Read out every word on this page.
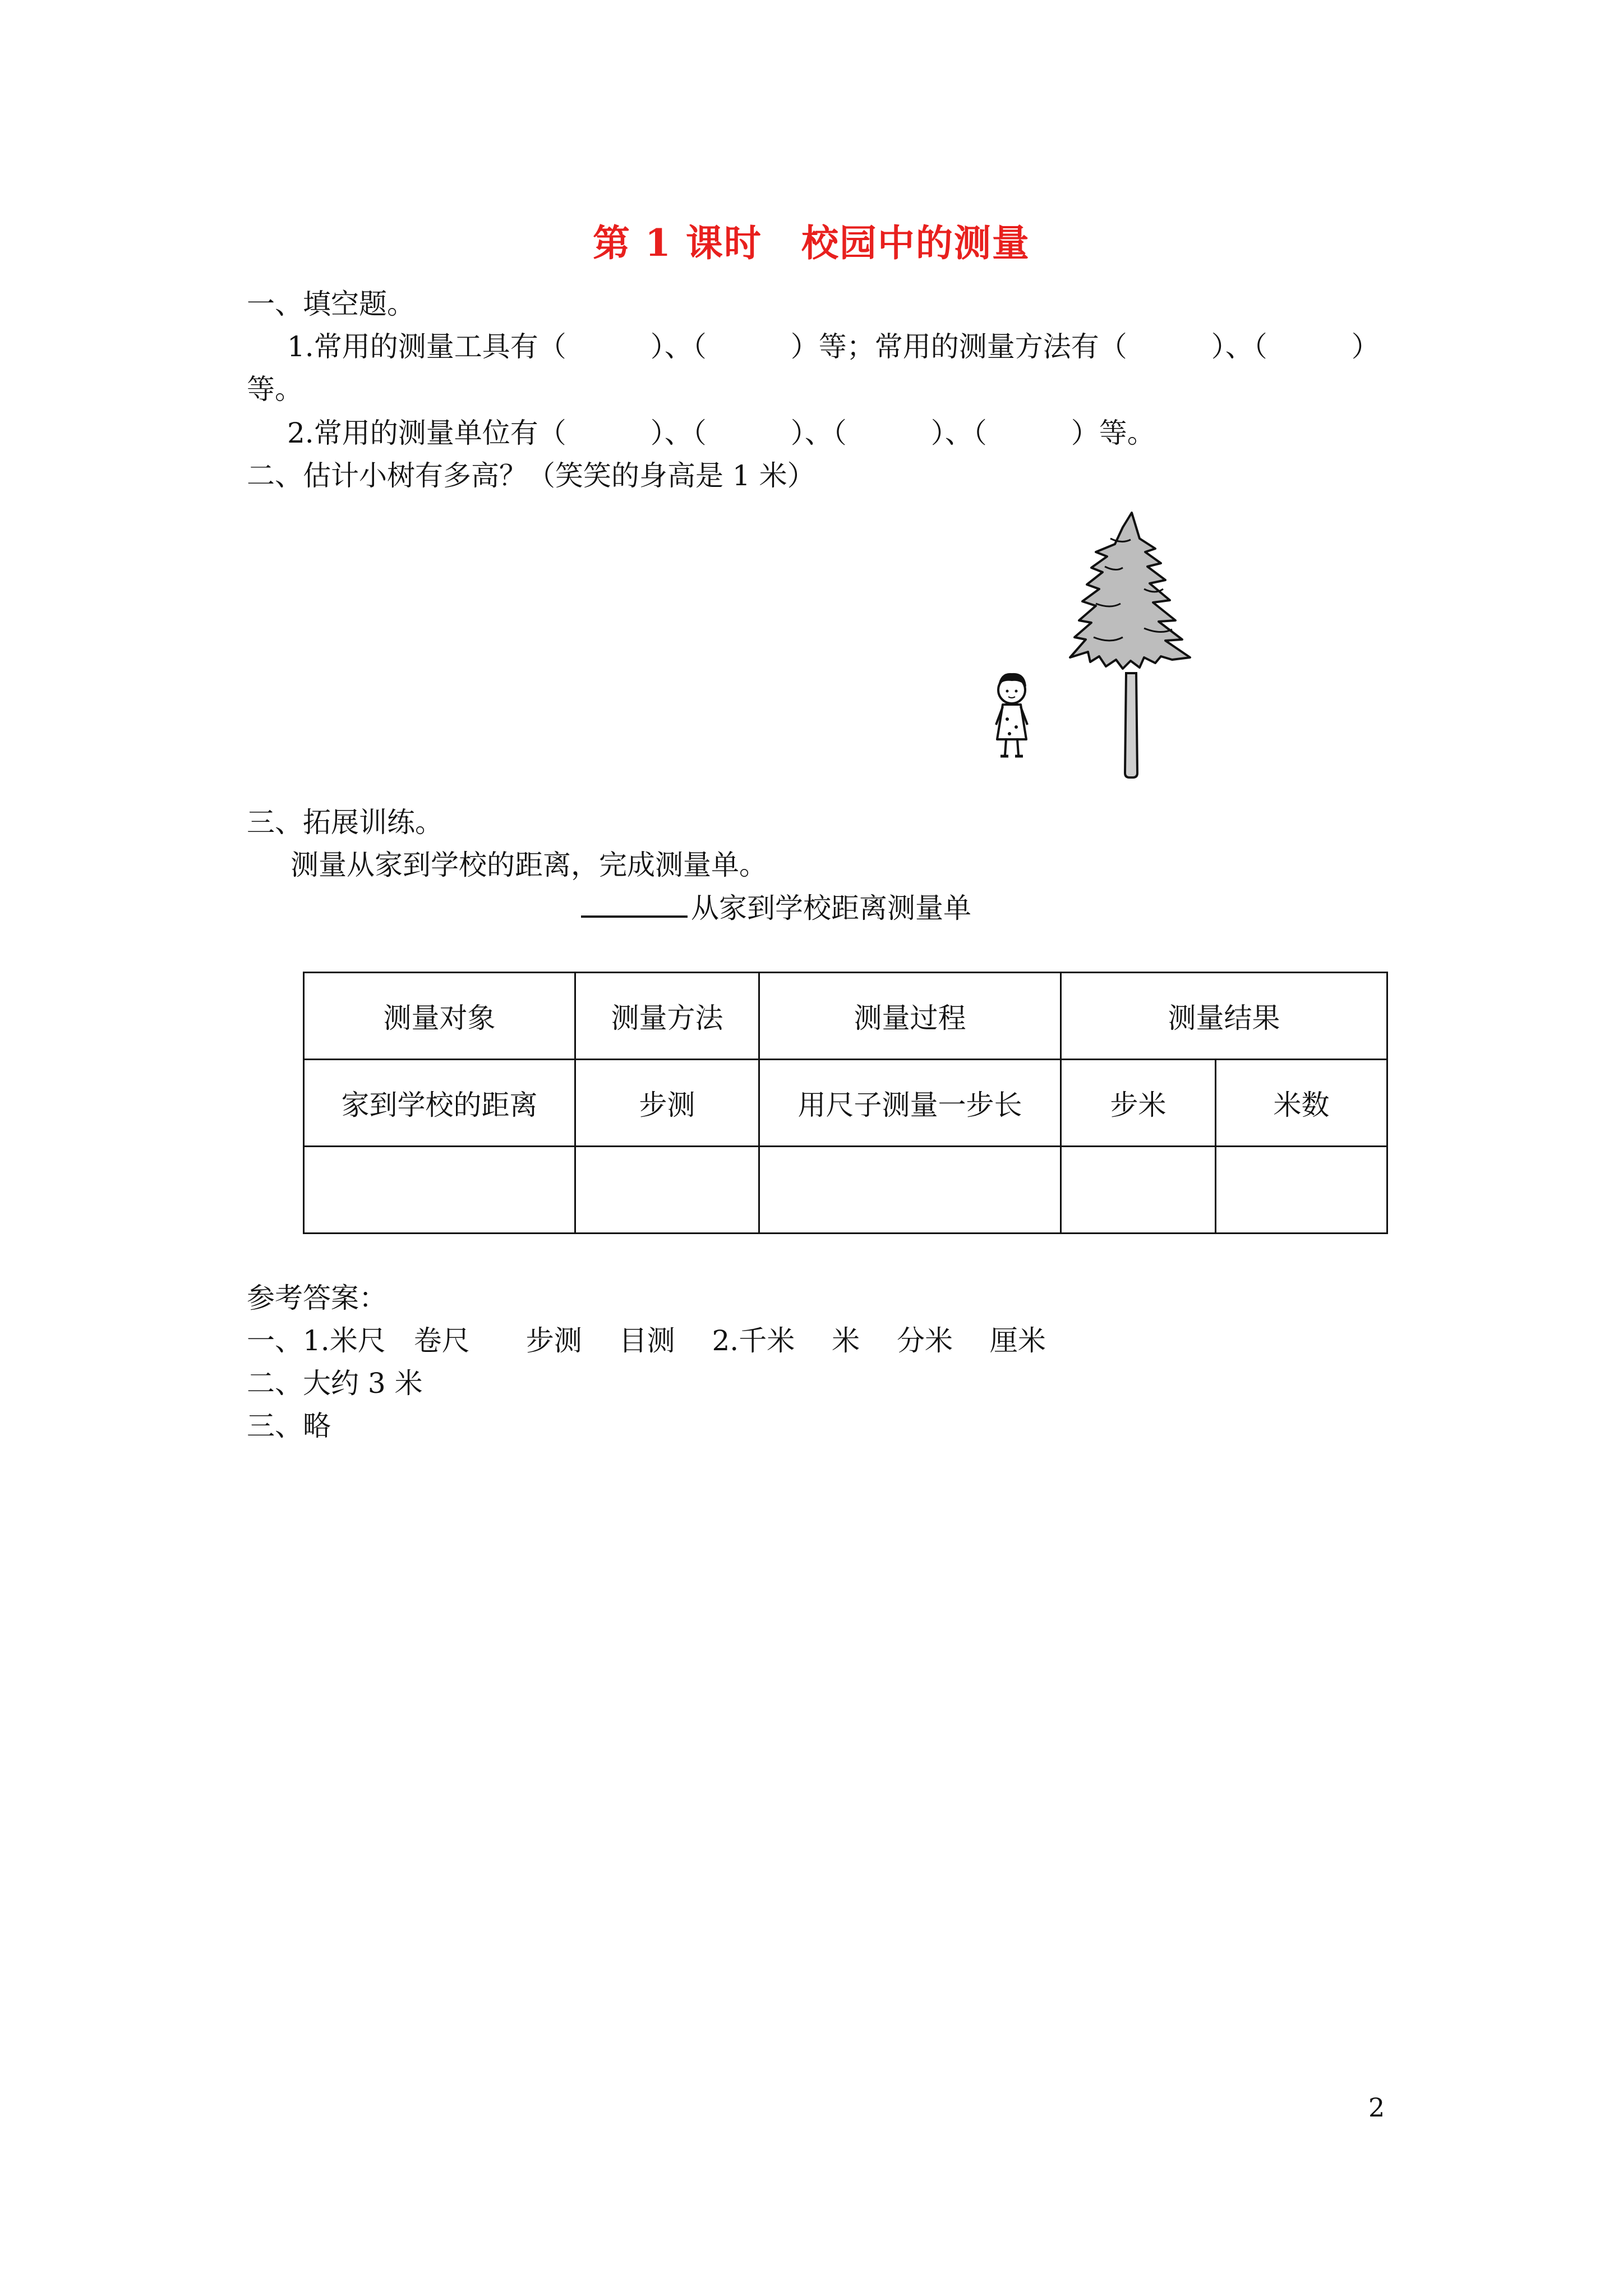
第 1 课时 校园中的测量
一、填空题。
1.常用的测量工具有（	）、（	）等；常用的测量方法有（	）、（	）
等。
2.常用的测量单位有（	）、（	）、（	）、（	）等。
二、估计小树有多高？（笑笑的身高是 1 米）
三、拓展训练。
测量从家到学校的距离，完成测量单。
从家到学校距离测量单
测量对象	测量方法	测量过程	测量结果	
家到学校的距离	步测	用尺子测量一步长	步米	米数

参考答案：
一、1.米尺　卷尺　　步测　 目测　 2.千米　 米　 分米　 厘米
二、大约 3 米
三、略
2
